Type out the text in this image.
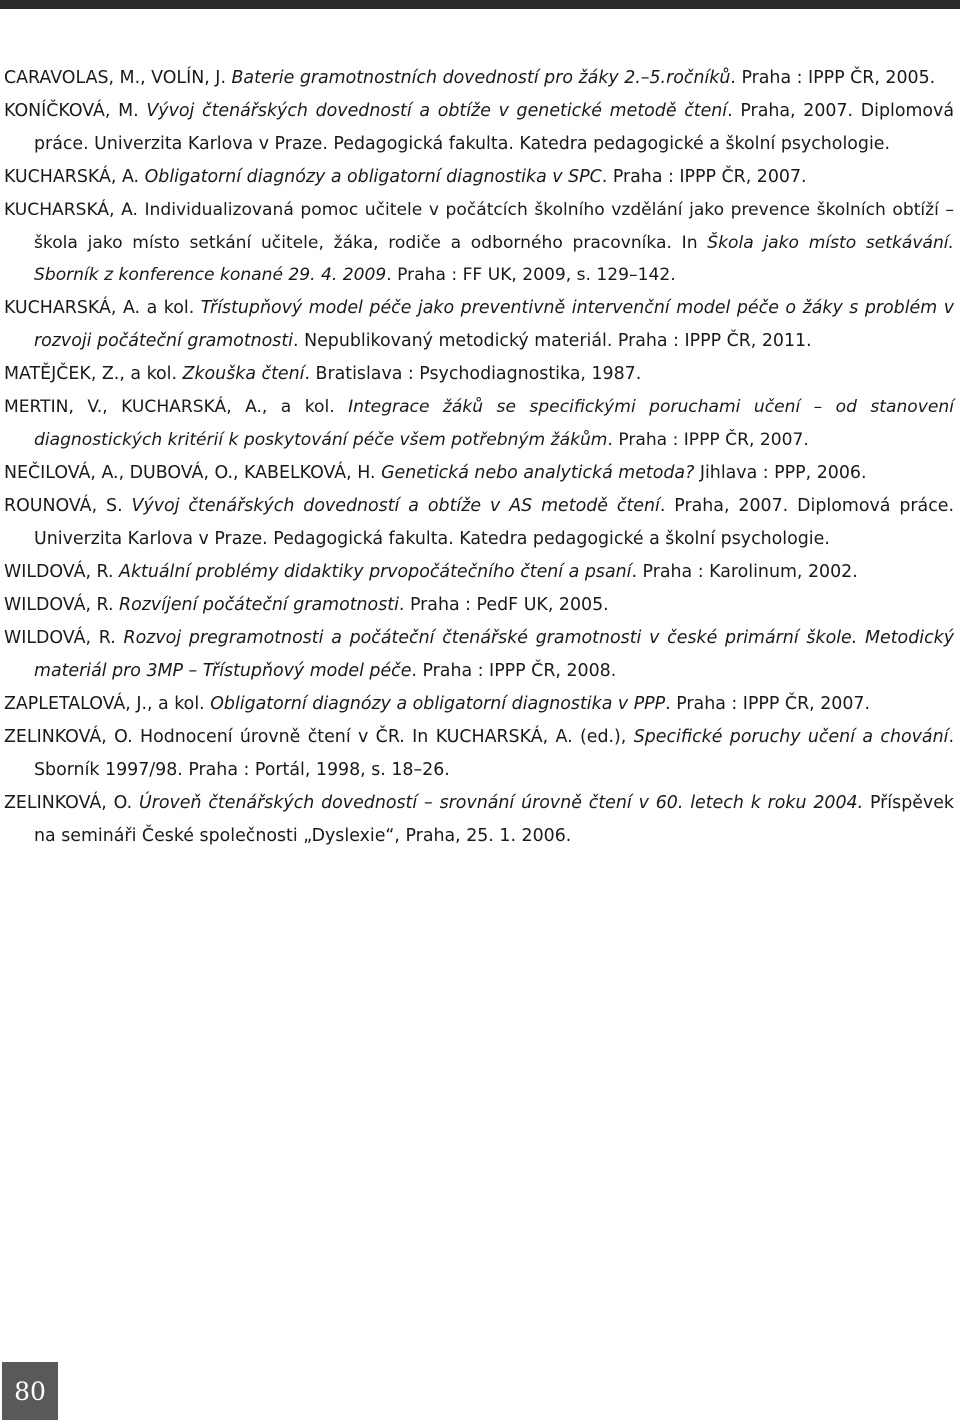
CARAVOLAS, M., VOLÍN, J. Baterie gramotnostních dovedností pro žáky 2.–5.ročníků. Praha : IPPP ČR, 2005.

KONÍČKOVÁ, M. Vývoj čtenářských dovedností a obtíže v genetické metodě čtení. Praha, 2007. Diplomová práce. Univerzita Karlova v Praze. Pedagogická fakulta. Katedra pedagogické a školní psychologie.

KUCHARSKÁ, A. Obligatorní diagnózy a obligatorní diagnostika v SPC. Praha : IPPP ČR, 2007.

KUCHARSKÁ, A. Individualizovaná pomoc učitele v počátcích školního vzdělání jako prevence školních obtíží – škola jako místo setkání učitele, žáka, rodiče a odborného pracovníka. In Škola jako místo setkávání. Sborník z konference konané 29. 4. 2009. Praha : FF UK, 2009, s. 129–142.

KUCHARSKÁ, A. a kol. Třístupňový model péče jako preventivně intervenční model péče o žáky s problém v rozvoji počáteční gramotnosti. Nepublikovaný metodický materiál. Praha : IPPP ČR, 2011.

MATĚJČEK, Z., a kol. Zkouška čtení. Bratislava : Psychodiagnostika, 1987.

MERTIN, V., KUCHARSKÁ, A., a kol. Integrace žáků se specifickými poruchami učení – od stanovení diagnostických kritérií k poskytování péče všem potřebným žákům. Praha : IPPP ČR, 2007.

NEČILOVÁ, A., DUBOVÁ, O., KABELKOVÁ, H. Genetická nebo analytická metoda? Jihlava : PPP, 2006.

ROUNOVÁ, S. Vývoj čtenářských dovedností a obtíže v AS metodě čtení. Praha, 2007. Diplomová práce. Univerzita Karlova v Praze. Pedagogická fakulta. Katedra pedagogické a školní psychologie.

WILDOVÁ, R. Aktuální problémy didaktiky prvopočátečního čtení a psaní. Praha : Karolinum, 2002.

WILDOVÁ, R. Rozvíjení počáteční gramotnosti. Praha : PedF UK, 2005.

WILDOVÁ, R. Rozvoj pregramotnosti a počáteční čtenářské gramotnosti v české primární škole. Metodický materiál pro 3MP – Třístupňový model péče. Praha : IPPP ČR, 2008.

ZAPLETALOVÁ, J., a kol. Obligatorní diagnózy a obligatorní diagnostika v PPP. Praha : IPPP ČR, 2007.

ZELINKOVÁ, O. Hodnocení úrovně čtení v ČR. In KUCHARSKÁ, A. (ed.), Specifické poruchy učení a chování. Sborník 1997/98. Praha : Portál, 1998, s. 18–26.

ZELINKOVÁ, O. Úroveň čtenářských dovedností – srovnání úrovně čtení v 60. letech k roku 2004. Příspěvek na semináři České společnosti „Dyslexie“, Praha, 25. 1. 2006.

80
